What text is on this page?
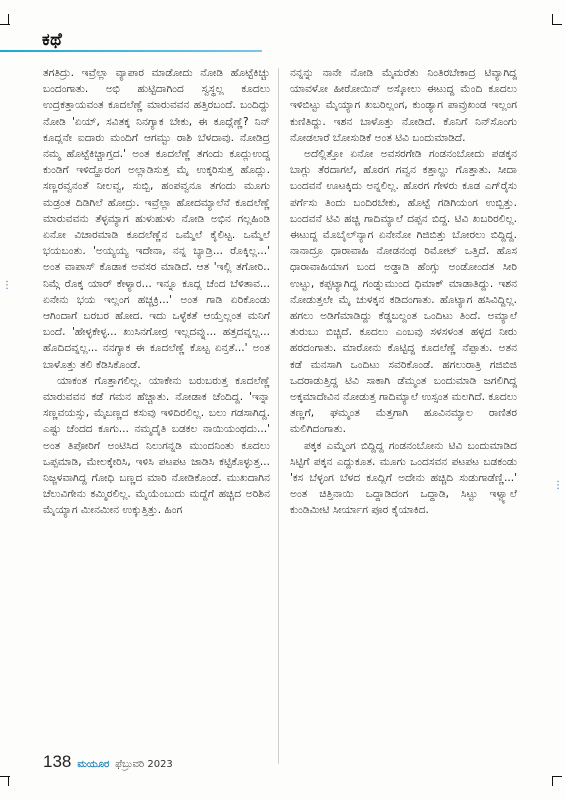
⋮
⋮
ಕಥೆ

ತಗತಿದ್ರು. ಇವ್ರೆಲ್ಲಾ ವ್ಯಾಪಾರ ಮಾಡೋದು ನೋಡಿ ಹೊಟ್ಟೆಕಿಚ್ಚು ಬಂದಂಗಾತು. ಅಭಿ ಹುಟ್ಟಿದಾಗಿಂದ ಸ್ವಸ್ಥಲ್ಲ ಕೂದಲು ಉದ್ರಕತ್ತಾಯವಂತ ಕೂದಲೆಣ್ಣೆ ಮಾರುವವನ ಹತ್ತಿರಬಂದೆ. ಬಂದಿದ್ದು ನೋಡಿ 'ಏಯ್, ಸವಿತಕ್ಕ ನಿನಗ್ಯಾಕ ಬೇಕು, ಈ ಕೂದ್ಲೆಣ್ಣೆ? ನಿನ್ ಕೂದ್ಲನೇ ಐದಾರು ಮಂದಿಗೆ ಆಗಮ್ಟು ರಾಶಿ ಬೆಳದಾವು. ನೋಡಿದ್ರ ನಮ್ಮ ಹೊಟ್ಟೆಕಿಚ್ಚಾಗ್ತದ.' ಅಂತ ಕೂದಲೆಣ್ಣೆ ತಗಂದು ಕೂದ್ಲುಉದ್ದ ಕುಂಡಿಗೆ ಇಳಿದ್ಹೊರಂಗ ಅಲ್ಲಾಡಿಸುತ್ತ ಮೈ ಉಕ್ಕರಿಸುತ್ತ ಹೊದ್ಲು. ಸಣ್ಣರವ್ವನಂತೆ ನೀಲವ್ವ, ಸುಬ್ಬಿ, ಹಂಪವ್ವನೂ ತಗಂದು ಮೂಗು ಮಡ್ರಂತ ದಿಡಿಗಿಲೆ ಹೋದ್ರು. ಇವ್ರೆಲ್ಲಾ ಹೋದಮ್ಯಾಲೆನೆ ಕೂದಲೆಣ್ಣೆ ಮಾರುವವನು ತೆಳ್ಳಮ್ಯಾಗ ಹುಳುಹುಳು ನೋಡಿ ಅಭಿನ ಗಲ್ಲಹಿಂಡಿ ಏನೋ ವಿಚಾರಮಾಡಿ ಕೂದಲೆಣ್ಣೆನ ಒಮ್ಮೆಲೆ ಕೈಲಿಟ್ಟ. ಒಮ್ಮೆಲೆ ಭಯಬಂತು. 'ಅಯ್ಯಯ್ಯ ಇದೇನಾ, ನನ್ನ ಬ್ಯಾಡ್ರಿ... ರೊಕ್ಕಿಲ್ಲ...' ಅಂತ ವಾಪಾಸ್ ಕೊಡಾಕ ಅವಸರ ಮಾಡಿದೆ. ಆತ 'ಇಲ್ಲಿ ತಗೋರಿ.. ನಿಮ್ಗೆ ರೊಕ್ಕ ಯಾರ್ ಕೇಳ್ಯಾರ... ಇನ್ನೂ ಕೂದ್ಲ ಚೆಂದ ಬೆಳಿತಾವ... ಏನೇನು ಭಯ ಇಲ್ಲಂಗ ಹಚ್ಚಕ್ರಿ...' ಅಂತ ಗಾಡಿ ಏರಿಕೊಂಡು ಆಗಿಂದಾಗೆ ಬರಬರ ಹೋದ. ಇದು ಒಳ್ಳೆಕತೆ ಆಯ್ತೆಲ್ಲಂತ ಮನಿಗೆ ಬಂದೆ. 'ಹೇಳ್ಳಕೇಳ್ಳ... ಖುಸಿನಗೋರ್ರ ಇಲ್ಲದವ್ನು... ಹತ್ತದವ್ನಲ್ಲ... ಹೊದಿದವ್ನಲ್ಲ... ನನಗ್ಯಾಕ ಈ ಕೂದಲೆಣ್ಣೆ ಕೊಟ್ಟ ಏನ್ತತೆ...' ಅಂತ ಬಾಳೊತ್ತು ತಲಿ ಕೆಡಿಸಿಕೊಂಡೆ.

ಯಾಕಂತ ಗೊತ್ತಾಗಲಿಲ್ಲ. ಯಾಕೇನು ಬರುಬರುತ್ತ ಕೂದಲೆಣ್ಣೆ ಮಾರುವವನ ಕಡೆ ಗಮನ ಹೆಚ್ಚಾತು. ನೋಡಾಕ ಚೆಂದಿದ್ದ. 'ಇನ್ನಾ ಸಣ್ಣವಯಸ್ಸು, ಮೈಬಣ್ಣದ ಕಸುವು ಇಳಿದಿರಲಿಲ್ಲ. ಬಲು ಗಡಸಾಗಿದ್ದ. ಎಷ್ಟು ಚೆಂದದ ಕೂಗು... ನಮ್ಮದೈತಿ ಬಡಕಲ ನಾಯಿಯಂಥದು...' ಅಂತ ತಿಪೋರಿಗೆ ಅಂಟಿಸಿದ ನಿಲುಗನ್ನಡಿ ಮುಂದನಿಂತು ಕೂದಲು ಒಪ್ಪಮಾಡಿ, ಮೇಲಕ್ಕೇರಿಸಿ, ಇಳಿಸಿ ಪಟಪಟ ಜಾಡಿಸಿ ಕಟ್ಟಿಕೊಳ್ಳುತ್ತ... ನಿಜ್ಜಳವಾಗಿದ್ದ ಗೋಧಿ ಬಣ್ಣದ ಮಾರಿ ನೋಡಿಕೊಂಡೆ. ಮುಖದಾಗಿನ ಚೆಲುವಿಗೇನು ಕಮ್ಮಿರಲಿಲ್ಲ. ಮೈಯೆಂಬುದು ಮದ್ದೆಗೆ ಹಚ್ಚಿದ ಅರಿಶಿನ ಮೈಯ್ಯಾಗ ಮೀನಮೀನ ಉಕ್ಕುತ್ತಿತ್ತು. ಹಿಂಗ

ನನ್ನನ್ನು ನಾನೇ ನೋಡಿ ಮೈಮರೆತು ನಿಂತಿರಬೇಕಾದ್ರ ಟಿವ್ಯಾಗಿದ್ದ ಯಾವಳೋ ಹೀರೋಯಿನ್ ಅಸ್ಕೋಲು ಈಟುದ್ದ ಮೆಂದಿ ಕೂದಲು ಇಳಿಬಿಟ್ಟು ಮೈಯ್ಯಾಗ ಖಬರಿಲ್ಲಂಗ, ಕುಂಡ್ಯಾಗ ಪಾವ್ರುಖಂಡ ಇಲ್ಲಂಗ ಕುಣಿತಿದ್ದು. ಇಶನ ಬಾಳೊತ್ತು ನೋಡಿದೆ. ಕೊನಿಗೆ ನಿನ್‌ಸೊಂಗು ನೋಡಲಾರೆ ಬೋಸುಡಿಕೆ ಅಂತ ಟಿವಿ ಬಂದುಮಾಡಿದೆ.

ಅದೆಲ್ಲಿತ್ತೋ ಏನೋ ಅವಸರಗೇಡಿ ಗಂಡನಂಬೋದು ಪಡಕ್ಕನ ಬಾಗ್ಲು ತೆರದಾಗಲೆ, ಹೊರಗ ಗವ್ವನ ಕತ್ತಾಲ್ದು ಗೊತ್ತಾತು. ಸೀದಾ ಬಂದವನೆ ಊಟಕ್ಕಿದು ಅನ್ನಲಿಲ್ಲ. ಹೊರಗ ಗೇಳರು ಕೂಡ ಎಗ್‌ರೈಸು ಪರ್ಗೆಸು ತಿಂದು ಬಂದಿರಬೇಕು, ಹೊಟ್ಟೆ ಗಡಿಗಿಯಂಗ ಉಬ್ಬಿತ್ತು. ಬಂದವನೆ ಟಿವಿ ಹಚ್ಚಿ ಗಾದಿಮ್ಯಾಲೆ ದಪ್ಪನ ಬಿದ್ದ. ಟಿವಿ ಖಬರಿರಲಿಲ್ಲ. ಈಟುದ್ದ ಮೊಬೈಲ್‌ನ್ಯಾಗ ಏನೇನೋ ಗಿಜಿಬಿತ್ತು ಬೋರಲು ಬಿದ್ದಿದ್ದ. ನಾನಾದ್ರೂ ಧಾರಾವಾಹಿ ನೋಡನಂಥ ರಿಮೋಟ್ ಒತ್ತಿದೆ. ಹೊಸ ಧಾರಾವಾಹಿಯಾಗ ಬಂದ ಅಡ್ಡಾಡಿ ಹೆಂಗ್ಸು ಅಂಡೋಂದತ ಸೀರಿ ಉಟ್ಟು, ಕಪ್ಪಟ್ಯಾಗಿದ್ದ ಗಂಡ್ನುಮುಂದ ಧಿಮಾಕ್ ಮಾಡಾತಿದ್ದು. ಇಶನ ನೋಡುತ್ತಲೇ ಮೈ ಚುಳಕ್ಕನ ಕಡಿದಂಗಾತು. ಹೊಟ್ಯಾಗ ಹಸಿವಿದ್ದಿಲ್ಲ. ಹಗಲು ಅಡಿಗೆಮಾಡಿದ್ದು ಕೆಡ್ಡಬಲ್ದಂತ ಒಂದಿಟು ತಿಂದೆ. ಅಮ್ಯಾಲೆ ತುರುಬು ಬಿಚ್ಚಿದೆ. ಕೂದಲು ಎಂಬವು ಸಳಸಳಂತ ಹಳ್ಳದ ನೀರು ಹರದಂಗಾತು. ಮಾರೋನು ಕೊಟ್ಟಿದ್ದ ಕೂದಲೆಣ್ಣೆ ನೆಪ್ಪಾತು. ಅತನ ಕಡೆ ಮನಸಾಗಿ ಒಂದಿಟು ಸವರಿಕೊಂಡೆ. ಹಗಲುರಾತ್ರಿ ಗಜಿಬಿಜಿ ಒದರಾಡುತ್ತಿದ್ದ ಟಿವಿ ಸಾಕಾಗಿ ಡೆಮ್ಮಂತ ಬಂದುಮಾಡಿ ಜಗಲಿಗಿದ್ದ ಅಕ್ಕಮಾದೇವಿನ ನೋಡುತ್ತ ಗಾದಿಮ್ಯಾಲೆ ಉಸ್ಸಂತ ಮಲಗಿದೆ. ಕೂದಲು ತಣ್ಣಗೆ, ಘಮ್ಮಂತ ಮೆತ್ತಗಾಗಿ ಹೂವಿನಮ್ಯಾಲ ರಾಣಿತರ ಮಲಿಗಿದಂಗಾತು.

ಪಕ್ಕಕ ಎಮ್ಮೆಂಗ ಬಿದ್ದಿದ್ದ ಗಂಡನಂಬೋನು ಟಿವಿ ಬಂದುಮಾಡಿದ ಸಿಟ್ಟಿಗೆ ಪಕ್ಕನ ಎದ್ದುಕೂತ. ಮೂಗು ಒಂದಸವನ ಪಟಪಟ ಬಡಕಂಡು 'ಕಸ ಬೆಳ್ಳಂಗ ಬೆಳದ ಕೂದ್ಲಿಗೆ ಅದೇನು ಹಚ್ಚಿದಿ ಸುಡುಗಾಡೆಣ್ಣಿ...' ಅಂತ ಚಿತ್ತಿನಾಯಿ ಒದ್ದಾಡಿದಂಗ ಒದ್ದಾಡಿ, ಸಿಟ್ಟು ಇಳ್ವ್ಯಾಲೆ ಕುಂಡಿಮೀಟಿ ಸೀರ್ಯಾಗ ಪೂರ ಕೈಯಾಕಿದ.

138 ಮಯೂರ ಫೆಬ್ರುವರಿ 2023
